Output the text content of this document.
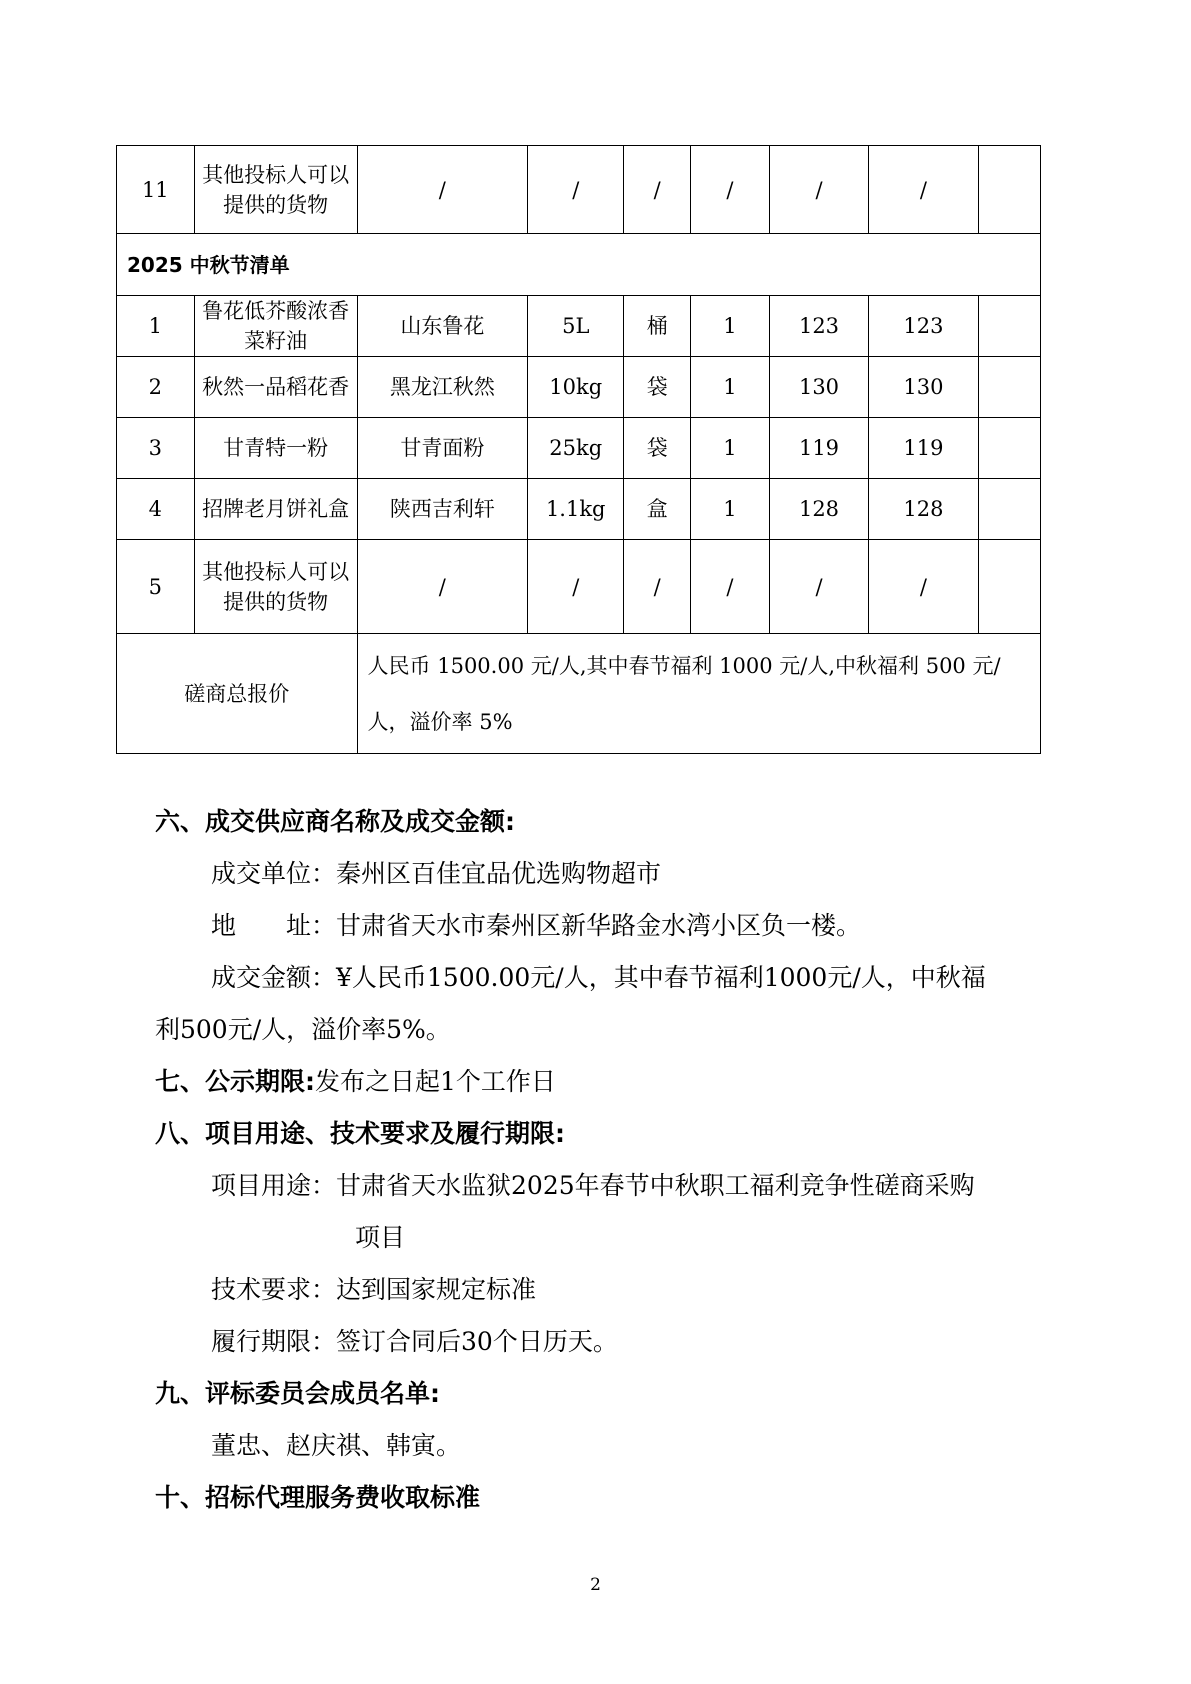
11	其他投标人可以提供的货物	/	/	/	/	/	/	
2025 中秋节清单								
1	鲁花低芥酸浓香菜籽油	山东鲁花	5L	桶	1	123	123	
2	秋然一品稻花香	黑龙江秋然	10kg	袋	1	130	130	
3	甘青特一粉	甘青面粉	25kg	袋	1	119	119	
4	招牌老月饼礼盒	陕西吉利轩	1.1kg	盒	1	128	128	
5	其他投标人可以提供的货物	/	/	/	/	/	/	
磋商总报价		人民币 1500.00 元/人,其中春节福利 1000 元/人,中秋福利 500 元/人，溢价率 5%						
六、成交供应商名称及成交金额:
成交单位：秦州区百佳宜品优选购物超市
地　　址：甘肃省天水市秦州区新华路金水湾小区负一楼。
成交金额：¥人民币1500.00元/人，其中春节福利1000元/人，中秋福
利500元/人，溢价率5%。
七、公示期限:发布之日起1个工作日
八、项目用途、技术要求及履行期限:
项目用途：甘肃省天水监狱2025年春节中秋职工福利竞争性磋商采购
项目
技术要求：达到国家规定标准
履行期限：签订合同后30个日历天。
九、评标委员会成员名单:
董忠、赵庆祺、韩寅。
十、招标代理服务费收取标准
2
